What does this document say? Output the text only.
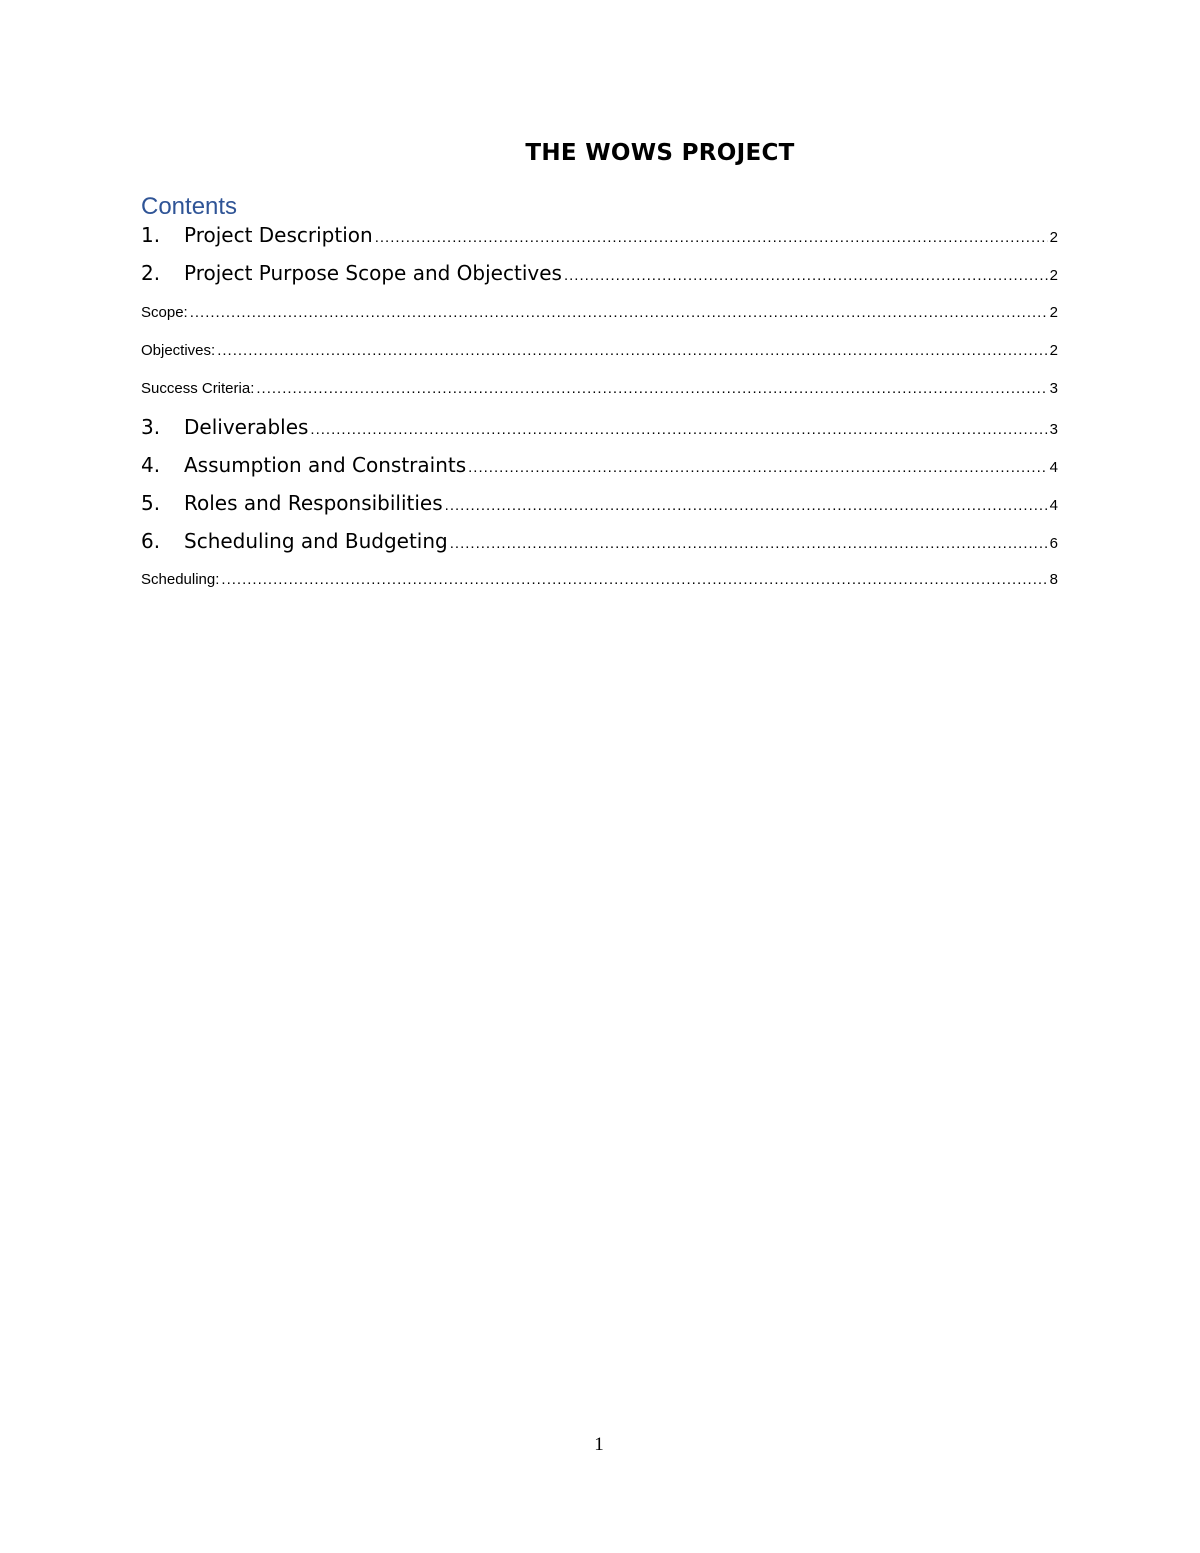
THE WOWS PROJECT
Contents
1.	Project Description .....	2
2.	Project Purpose Scope and Objectives .....	2
Scope: .....	2
Objectives: .....	2
Success Criteria: .....	3
3.	Deliverables .....	3
4.	Assumption and Constraints .....	4
5.	Roles and Responsibilities .....	4
6.	Scheduling and Budgeting .....	6
Scheduling: .....	8
1
